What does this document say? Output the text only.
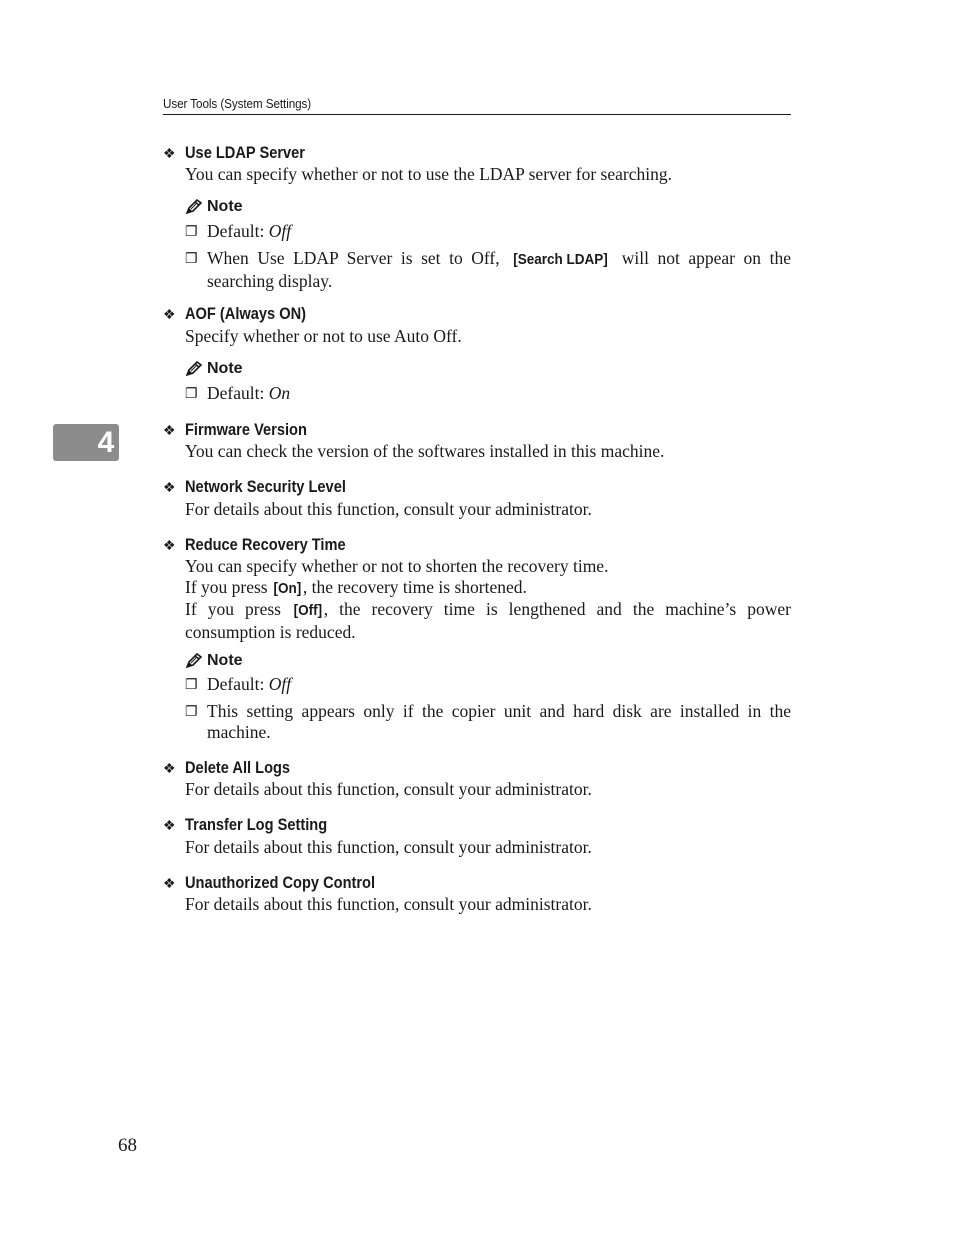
User Tools (System Settings)
4
❖ Use LDAP Server
You can specify whether or not to use the LDAP server for searching.
Note
❐ Default: Off
❐ When Use LDAP Server is set to Off, [Search LDAP] will not appear on the searching display.
❖ AOF (Always ON)
Specify whether or not to use Auto Off.
Note
❐ Default: On
❖ Firmware Version
You can check the version of the softwares installed in this machine.
❖ Network Security Level
For details about this function, consult your administrator.
❖ Reduce Recovery Time
You can specify whether or not to shorten the recovery time.
If you press [On], the recovery time is shortened.
If you press [Off], the recovery time is lengthened and the machine’s power consumption is reduced.
Note
❐ Default: Off
❐ This setting appears only if the copier unit and hard disk are installed in the machine.
❖ Delete All Logs
For details about this function, consult your administrator.
❖ Transfer Log Setting
For details about this function, consult your administrator.
❖ Unauthorized Copy Control
For details about this function, consult your administrator.
68
